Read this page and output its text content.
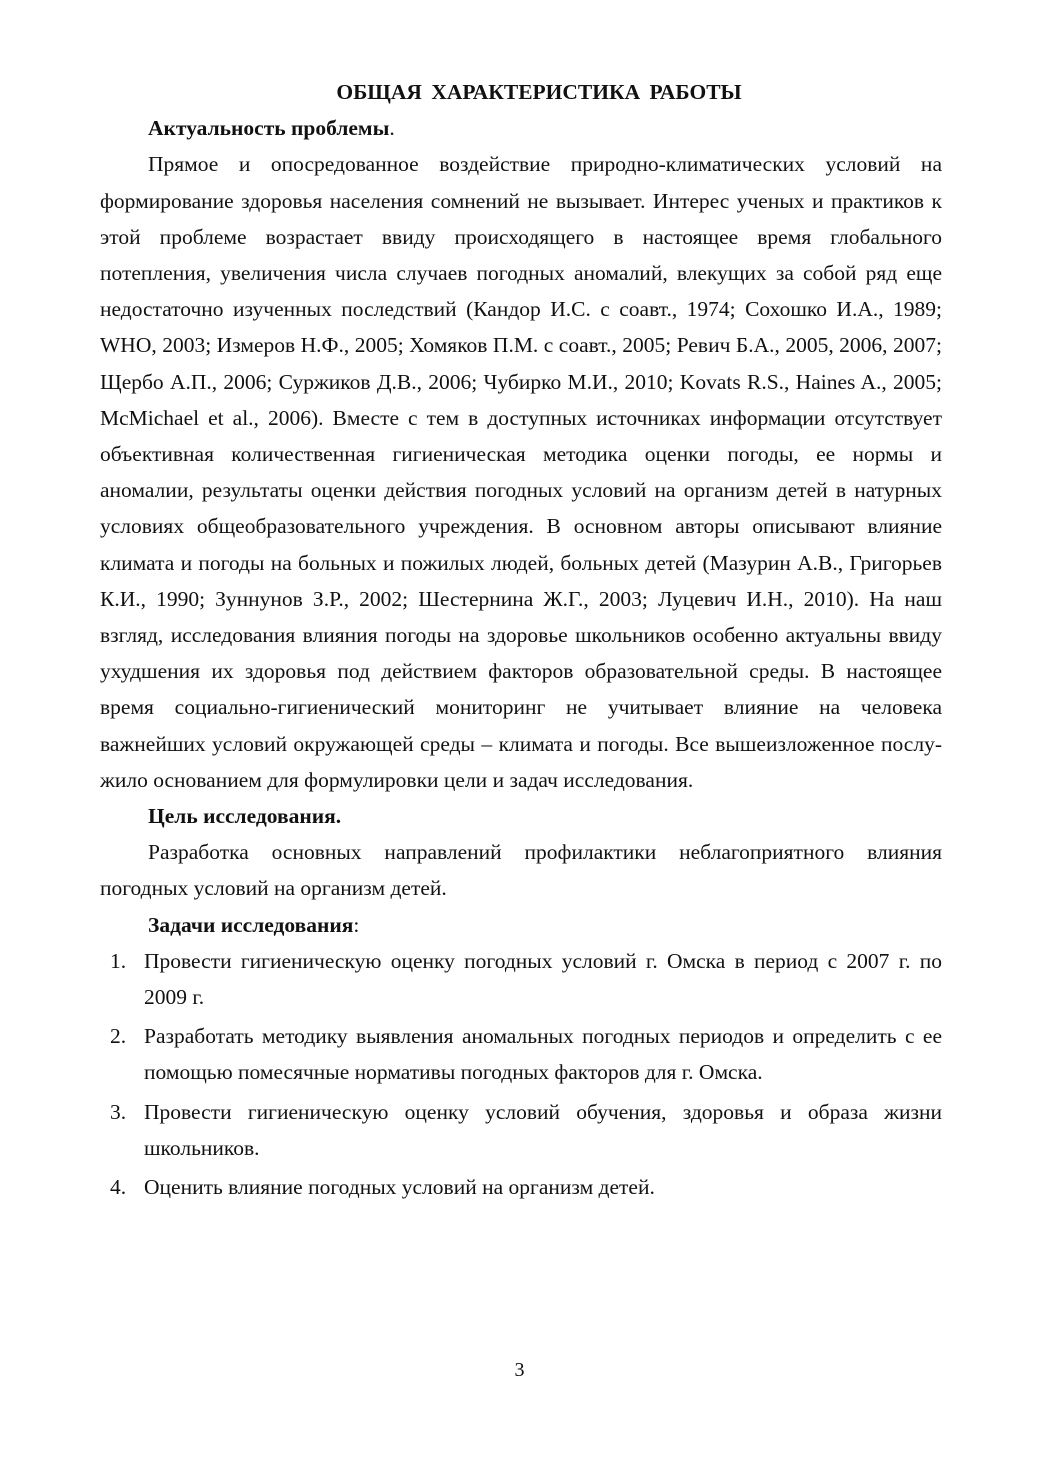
ОБЩАЯ ХАРАКТЕРИСТИКА РАБОТЫ

Актуальность проблемы.

Прямое и опосредованное воздействие природно-климатических условий на формирование здоровья населения сомнений не вызывает. Интерес ученых и практиков к этой проблеме возрастает ввиду происходящего в настоящее время глобального потепления, увеличения числа случаев погодных аномалий, влекущих за собой ряд еще недостаточно изученных последствий (Кандор И.С. с соавт., 1974; Сохошко И.А., 1989; WHO, 2003; Измеров Н.Ф., 2005; Хомяков П.М. с соавт., 2005; Ревич Б.А., 2005, 2006, 2007; Щербо А.П., 2006; Суржиков Д.В., 2006; Чубирко М.И., 2010; Kovats R.S., Haines A., 2005; McMichael et al., 2006). Вместе с тем в доступных источниках информации отсутствует объективная количественная гигиеническая методика оценки погоды, ее нормы и аномалии, результаты оценки действия погодных условий на организм детей в натурных условиях общеобразовательного учреждения. В основном авторы описывают влияние климата и погоды на больных и пожилых людей, больных детей (Мазурин А.В., Григорьев К.И., 1990; Зуннунов З.Р., 2002; Шестернина Ж.Г., 2003; Луцевич И.Н., 2010). На наш взгляд, исследования влияния погоды на здоровье школьников особенно актуальны ввиду ухудшения их здоровья под действием факторов образовательной среды. В настоящее время социально-гигиенический мониторинг не учитывает влияние на человека важнейших условий окружающей среды – климата и погоды. Все вышеизложенное послужило основанием для формулировки цели и задач исследования.

Цель исследования.

Разработка основных направлений профилактики неблагоприятного влияния погодных условий на организм детей.

Задачи исследования:

1. Провести гигиеническую оценку погодных условий г. Омска в период с 2007 г. по 2009 г.
2. Разработать методику выявления аномальных погодных периодов и определить с ее помощью помесячные нормативы погодных факторов для г. Омска.
3. Провести гигиеническую оценку условий обучения, здоровья и образа жизни школьников.
4. Оценить влияние погодных условий на организм детей.
3
